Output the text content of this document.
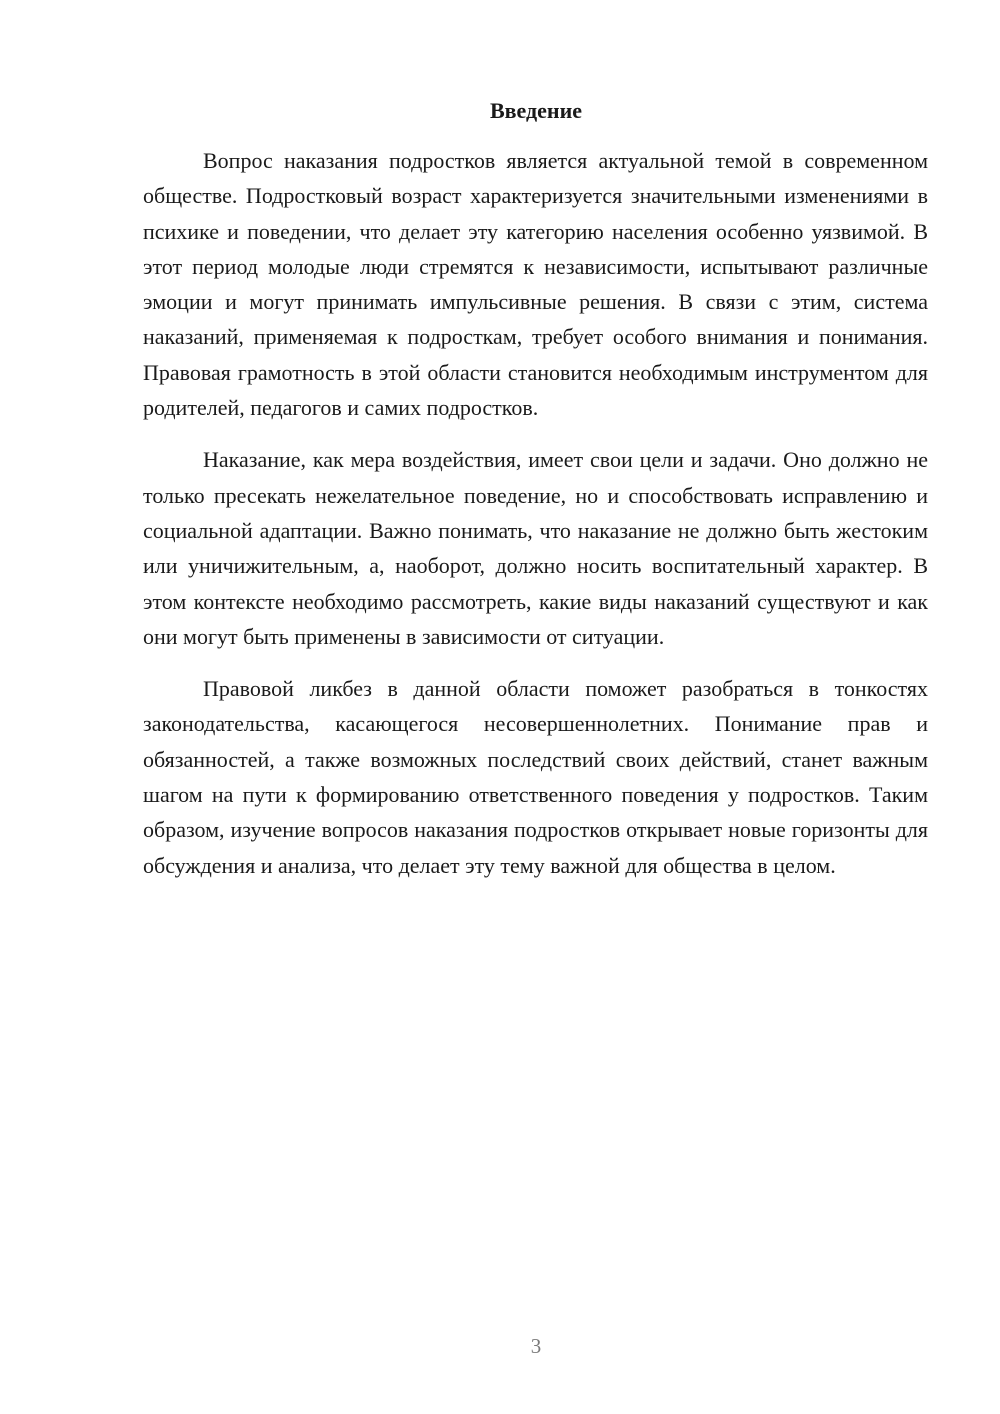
Введение

Вопрос наказания подростков является актуальной темой в современном обществе. Подростковый возраст характеризуется значительными изменениями в психике и поведении, что делает эту категорию населения особенно уязвимой. В этот период молодые люди стремятся к независимости, испытывают различные эмоции и могут принимать импульсивные решения. В связи с этим, система наказаний, применяемая к подросткам, требует особого внимания и понимания. Правовая грамотность в этой области становится необходимым инструментом для родителей, педагогов и самих подростков.

Наказание, как мера воздействия, имеет свои цели и задачи. Оно должно не только пресекать нежелательное поведение, но и способствовать исправлению и социальной адаптации. Важно понимать, что наказание не должно быть жестоким или уничижительным, а, наоборот, должно носить воспитательный характер. В этом контексте необходимо рассмотреть, какие виды наказаний существуют и как они могут быть применены в зависимости от ситуации.

Правовой ликбез в данной области поможет разобраться в тонкостях законодательства, касающегося несовершеннолетних. Понимание прав и обязанностей, а также возможных последствий своих действий, станет важным шагом на пути к формированию ответственного поведения у подростков. Таким образом, изучение вопросов наказания подростков открывает новые горизонты для обсуждения и анализа, что делает эту тему важной для общества в целом.

3
